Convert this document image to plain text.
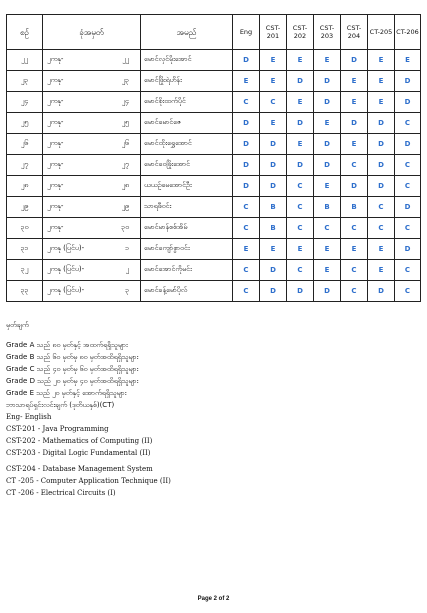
စဉ်	ခုံအမှတ်	အမည်	Eng	CST-201	CST-202	CST-203	CST-204	CT-205	CT-206
၂၂	၂ကနု- ၂၂	မောင်လှင်မိုးအောင်	D	E	E	E	D	E	E
၂၃	၂ကနု- ၂၃	မောင်ဖြိုးရဲဟိန်း	E	E	D	D	E	E	D
၂၄	၂ကနု- ၂၄	မောင်စိုးထက်ပိုင်	C	C	E	D	E	E	D
၂၅	၂ကနု- ၂၅	မောင်မောင်ဇေ	D	E	D	E	D	D	C
၂၆	၂ကနု- ၂၆	မောင်ထိုးရွှေအောင်	D	D	E	D	E	D	D
၂၇	၂ကနု- ၂၇	မောင်ဝေဖြိုးအောင်	D	D	D	D	C	D	C
၂၈	၂ကနု- ၂၈	ယယဉ်မေအောင်ဦး	D	D	C	E	D	D	C
၂၉	၂ကနု- ၂၉	သာရဖီဝင်း	C	B	C	B	B	C	D
၃၀	၂ကနု- ၃၀	မောင်မာန်စစ်အိမ်	C	B	C	C	C	C	C
၃၁	၂ကနု (ပြင်ပ)- ၁	မောင်ကျော်စွာဝင်း	E	E	E	E	E	E	D
၃၂	၂ကနု (ပြင်ပ)- ၂	မောင်အောင်ကိုမင်း	C	D	C	E	C	E	C
၃၃	၂ကနု (ပြင်ပ)- ၃	မောင်ခန့်မော်ပိုလ်	C	D	D	D	C	D	C
မှတ်ချက်
Grade A သည် ၈၀ မှတ်နှင့် အထက်ရရှိသူများ
Grade B သည် ၆၀ မှတ်မှ ၈၀ မှတ်အထိရရှိသူများ
Grade C သည် ၄၀ မှတ်မှ ၆၀ မှတ်အထိရရှိသူများ
Grade D သည် ၂၀ မှတ်မှ ၄၀ မှတ်အထိရရှိသူများ
Grade E သည် ၂၀ မှတ်နှင့် အောက်ရရှိသူများ
ဘာသာရပ်ရှင်းလင်းချက် (ဒုတိယနှစ်)(CT)
Eng- English
CST-201 - Java Programming
CST-202 - Mathematics of Computing (II)
CST-203 - Digital Logic Fundamental (II)
CST-204 - Database Management System
CT -205 - Computer Application Technique (II)
CT -206 - Electrical Circuits (I)
Page 2 of 2
